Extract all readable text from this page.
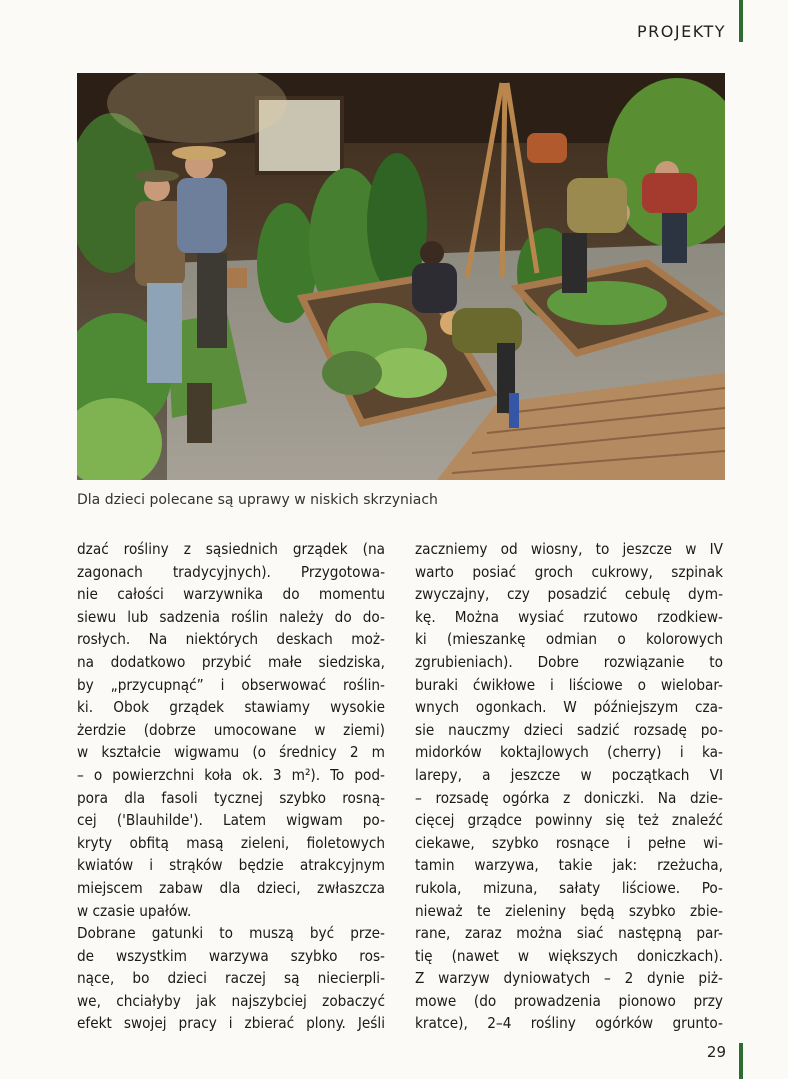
PROJEKTY
Dla dzieci polecane są uprawy w niskich skrzyniach
dzać rośliny z sąsiednich grządek (na
zagonach tradycyjnych). Przygotowa-
nie całości warzywnika do momentu
siewu lub sadzenia roślin należy do do-
rosłych. Na niektórych deskach moż-
na dodatkowo przybić małe siedziska,
by „przycupnąć” i obserwować roślin-
ki. Obok grządek stawiamy wysokie
żerdzie (dobrze umocowane w ziemi)
w kształcie wigwamu (o średnicy 2 m
– o powierzchni koła ok. 3 m²). To pod-
pora dla fasoli tycznej szybko rosną-
cej ('Blauhilde'). Latem wigwam po-
kryty obfitą masą zieleni, fioletowych
kwiatów i strąków będzie atrakcyjnym
miejscem zabaw dla dzieci, zwłaszcza
w czasie upałów.
Dobrane gatunki to muszą być prze-
de wszystkim warzywa szybko ros-
nące, bo dzieci raczej są niecierpli-
we, chciałyby jak najszybciej zobaczyć
efekt swojej pracy i zbierać plony. Jeśli
zaczniemy od wiosny, to jeszcze w IV
warto posiać groch cukrowy, szpinak
zwyczajny, czy posadzić cebulę dym-
kę. Można wysiać rzutowo rzodkiew-
ki (mieszankę odmian o kolorowych
zgrubieniach). Dobre rozwiązanie to
buraki ćwikłowe i liściowe o wielobar-
wnych ogonkach. W późniejszym cza-
sie nauczmy dzieci sadzić rozsadę po-
midorków koktajlowych (cherry) i ka-
larepy, a jeszcze w początkach VI
– rozsadę ogórka z doniczki. Na dzie-
cięcej grządce powinny się też znaleźć
ciekawe, szybko rosnące i pełne wi-
tamin warzywa, takie jak: rzeżucha,
rukola, mizuna, sałaty liściowe. Po-
nieważ te zieleniny będą szybko zbie-
rane, zaraz można siać następną par-
tię (nawet w większych doniczkach).
Z warzyw dyniowatych – 2 dynie piż-
mowe (do prowadzenia pionowo przy
kratce), 2–4 rośliny ogórków grunto-
29
